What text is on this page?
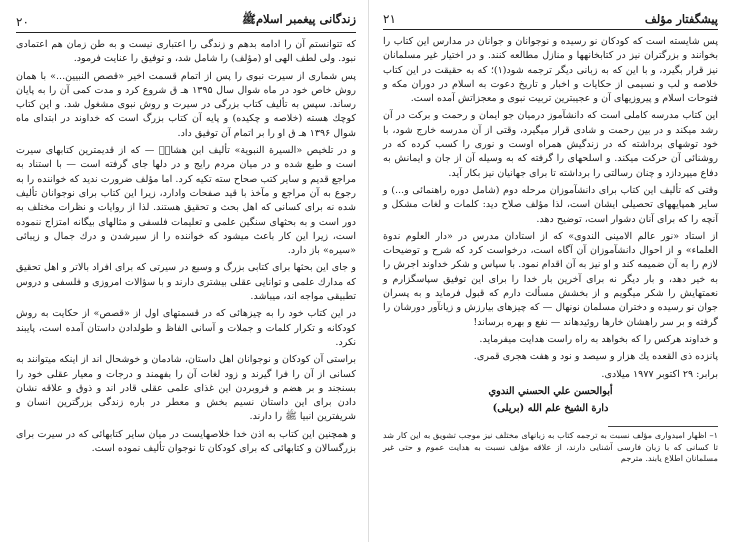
زندگانی پیغمبر اسلامﷺ
۲۰

كه تتوانستم آن را ادامه بدهم و زندگی را اعتباری نیست و به طن زمان هم اعتمادی نبود. ولی لطف الهی او (مؤلف) را شامل شد، و توفیق را عنایت فرمود.

پس شماری از سیرت نبوی را پس از اتمام قسمت اخیر «قصص النبیین...» با همان روش خاص خود در ماه شوال سال ۱۳۹۵ هـ ق شروع كرد و مدت كمی آن را به پایان رساند. سپس به تألیف كتاب بزرگی در سیرت و روش نبوی مشغول شد. و این كتاب كوچك هسته (خلاصه و چكیده) و پایه آن كتاب بزرگ است كه خداوند در ابتدای ماه شوال ۱۳۹۶ هـ ق او را بر اتمام آن توفیق داد.

و در تلخیص «السیرة النبویة» تألیف ابن هشامؒ — كه از قدیمترین كتابهای سیرت است و طبع شده و در میان مردم رایج و در دلها جای گرفته است — با استناد به مراجع قدیم و سایر كتب صحاح سته تكیه كرد. اما مؤلف ضرورت ندید كه خواننده را به رجوع به آن مراجع و مآخذ با قید صفحات وادارد، زیرا این كتاب برای نوجوانان تألیف شده نه برای كسانی كه اهل بحث و تحقیق هستند. لذا از روایات و نظرات مختلف به دور است و به بحثهای سنگین علمی و تعلیمات فلسفی و مثالهای بیگانه امتزاج ننموده است، زیرا این كار باعث میشود كه خواننده را از سیرشدن و درك جمال و زیبائی «سیره» باز دارد.

و جای این بحثها برای كتابی بزرگ و وسیع در سیرتی كه برای افراد بالاتر و اهل تحقیق كه مدارك علمی و توانایی عقلی بیشتری دارند و با سؤالات امروزی و فلسفی و دروس تطبیقی مواجه اند، میباشد.

در این كتاب خود را به چیزهائی كه در قسمتهای اول از «قصص» از حكایت به روش كودكانه و تكرار كلمات و جملات و آسانی الفاظ و طولدادن داستان آمده است، پایبند نكرد.

براستی آن كودكان و نوجوانان اهل داستان، شادمان و خوشحال اند از اینكه میتوانند به كسانی از آن را فرا گیرند و زود لغات آن را بفهمند و درجات و معیار عقلی خود را بسنجند و بر هضم و فروبردن این غذای علمی عقلی قادر اند و ذوق و علاقه نشان دادن برای این داستان نسیم بخش و معطر در باره زندگی بزرگترین انسان و شریفترین انبیا ﷺ را دارند.

و همچنین این كتاب به اذن خدا خلاصهایست در میان سایر كتابهائی كه در سیرت برای بزرگسالان و كتابهائی كه برای كودكان تا نوجوان تألیف نموده است.

پیشگفتار مؤلف
۲۱

پس شایسته است كه كودكان نو رسیده و نوجوانان و جوانان در مدارس این كتاب را بخوانند و بزرگتران نیز در كتابخانهها و منازل مطالعه كنند. و در اختیار غیر مسلمانان نیز قرار بگیرد، و با این كه به زبانی دیگر ترجمه شود(۱)؛ كه به حقیقت در این كتاب خلاصه و لب و نسیمی از حكایات و اخبار و تاریخ دعوت به اسلام در دوران مكه و فتوحات اسلام و پیروزیهای آن و عجیبترین تربیت نبوی و معجزاتش آمده است.

این كتاب مدرسه كاملی است كه دانشآموز درمیان جو ایمان و رحمت و بركت در آن رشد میكند و در بین رحمت و شادی قرار میگیرد، وقتی از آن مدرسه خارج شود، با خود توشهای برداشته كه در زندگیش همراه اوست و نوری را كسب كرده كه در روشنائی آن حركت میكند. و اسلحهای را گرفته كه به وسیله آن از جان و ایمانش به دفاع میپردازد و چنان رسالتی را برداشته تا برای جهانیان نیز بكار آید.

وقتی كه تألیف این كتاب برای دانشآموزان مرحله دوم (شامل دوره راهنمائی و...) و سایر همپایههای تحصیلی ایشان است، لذا مؤلف صلاح دید: كلمات و لغات مشكل و آنچه را كه برای آنان دشوار است، توضیح دهد.

از استاد «نور عالم الامینی الندوی» كه از استادان مدرس در «دار العلوم ندوة العلماء» و از احوال دانشآموزان آن آگاه است، درخواست كرد كه شرح و توضیحات لازم را به آن ضمیمه كند و او نیز به آن اقدام نمود. با سپاس و شكر خداوند اجرش را به خیر دهد، و بار دیگر نه برای آخرین بار خدا را برای این توفیق سپاسگزارم و نعمتهایش را شكر میگویم و از بخشش مسألت دارم كه قبول فرماید و به پسران جوان نو رسیده و دختران مسلمان نونهال — كه چیزهای بیارزش و زیانآور دورشان را گرفته و بر سر راهشان خارها روئیدهاند — نفع و بهره برساند!

و خداوند هركس را كه بخواهد به راه راست هدایت میفرماید.

پانزده ذی القعده یك هزار و سیصد و نود و هفت هجری قمری.

برابر: ۲۹ اكتوبر ۱۹۷۷ میلادی.

أبوالحسن علي الحسني الندوي
دارة الشیخ علم الله (بریلی)

۱– اظهار امیدواری مؤلف نسبت به ترجمه كتاب به زبانهای مختلف نیز موجب تشویق به این كار شد تا كسانی كه با زبان فارسی آشنایی دارند، از علاقه مؤلف نسبت به هدایت عموم و حتی غیر مسلمانان اطلاع یابند. مترجم
